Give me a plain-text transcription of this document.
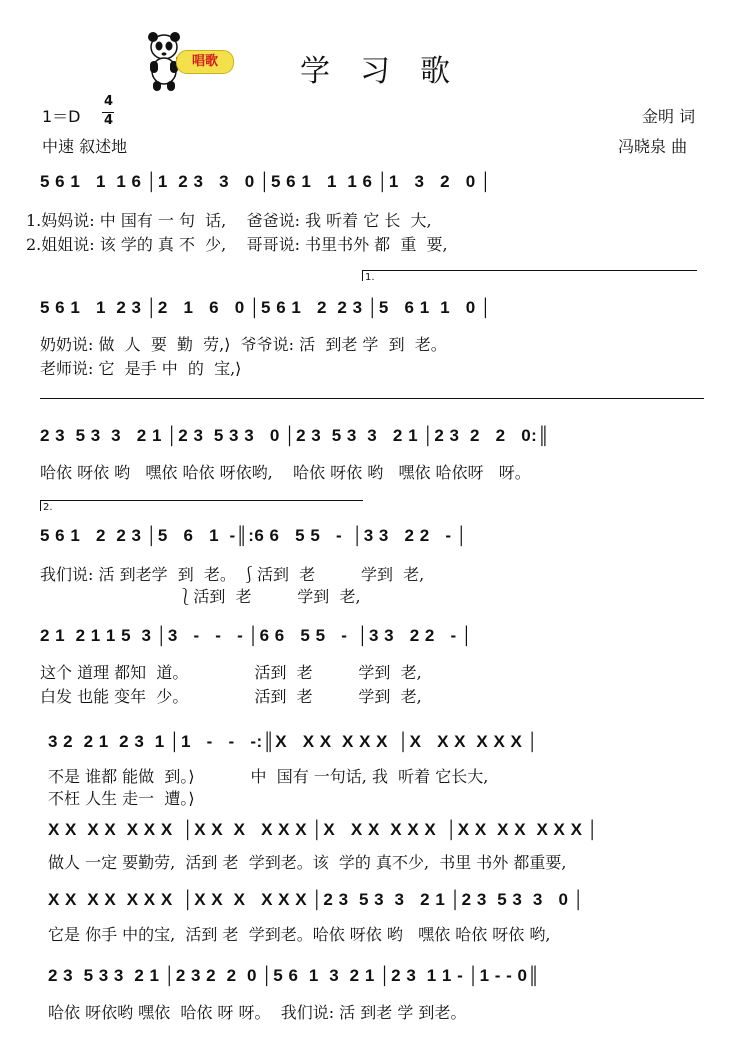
唱歌	学习歌
1＝D
4
4
中速 叙述地
金明 词
冯晓泉 曲
5 6 1   1  1 6 │1  2 3   3   0 │5 6 1   1  1 6 │1   3   2   0 │
1.妈妈说: 中 国有 一 句  话,    爸爸说: 我 听着 它 长  大,
2.姐姐说: 该 学的 真 不  少,    哥哥说: 书里书外 都  重  要,
1.
5 6 1   1  2 3 │2   1   6   0 │5 6 1   2  2 3 │5   6 1  1   0 │
奶奶说: 做  人  要  勤  劳,⟩  爷爷说: 活  到老 学  到  老。
老师说: 它  是手 中  的  宝,⟩
2 3  5 3  3   2 1 │2 3  5 3 3   0 │2 3  5 3  3   2 1 │2 3  2   2   0:║
哈依 呀依 哟   嘿依 哈依 呀依哟,    哈依 呀依 哟   嘿依 哈依呀   呀。
2.
5 6 1   2  2 3 │5   6   1  -║:6 6   5 5   -  │3 3   2 2   - │
我们说: 活 到老学  到  老。 ⎰活到  老         学到  老,
⎱活到  老         学到  老,
2 1  2 1 1 5  3 │3   -   -   - │6 6   5 5   -  │3 3   2 2   - │
这个 道理 都知  道。             活到  老         学到  老,
白发 也能 变年  少。             活到  老         学到  老,
3 2  2 1  2 3  1 │1   -   -   -:║X   X X  X X X  │X   X X  X X X │
不是 谁都 能做  到。⟩           中  国有 一句话, 我  听着 它长大,
不枉 人生 走一  遭。⟩
X X  X X  X X X  │X X  X   X X X │X   X X  X X X  │X X  X X  X X X │
做人 一定 要勤劳,  活到 老  学到老。该  学的 真不少,  书里 书外 都重要,
X X  X X  X X X  │X X  X   X X X │2 3  5 3  3   2 1 │2 3  5 3  3   0 │
它是 你手 中的宝,  活到 老  学到老。哈依 呀依 哟   嘿依 哈依 呀依 哟,
2 3  5 3 3  2 1 │2 3 2  2  0 │5 6  1  3  2 1 │2 3  1 1 - │1 - - 0║
哈依 呀依哟 嘿依  哈依 呀 呀。  我们说: 活 到老 学 到老。
